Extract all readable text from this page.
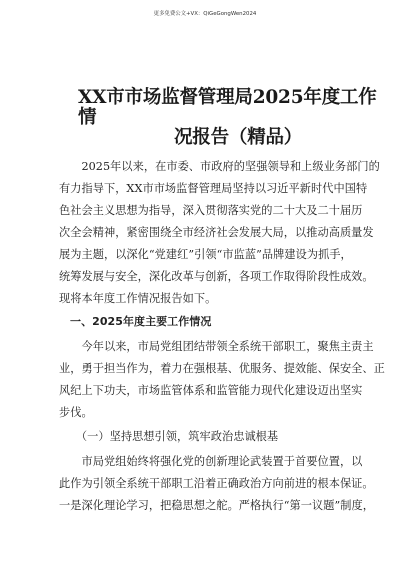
更多免费公文+VX：QiGeGongWen2024
XX市市场监督管理局2025年度工作情
况报告（精品）
　　2025年以来，在市委、市政府的坚强领导和上级业务部门的
有力指导下，XX市市场监督管理局坚持以习近平新时代中国特
色社会主义思想为指导，深入贯彻落实党的二十大及二十届历
次全会精神，紧密围绕全市经济社会发展大局，以推动高质量发
展为主题，以深化“党建红”引领“市监蓝”品牌建设为抓手，
统筹发展与安全，深化改革与创新，各项工作取得阶段性成效。
现将本年度工作情况报告如下。
　一、2025年度主要工作情况
　　今年以来，市局党组团结带领全系统干部职工，聚焦主责主
业，勇于担当作为，着力在强根基、优服务、提效能、保安全、正
风纪上下功夫，市场监管体系和监管能力现代化建设迈出坚实
步伐。
　　（一）坚持思想引领，筑牢政治忠诚根基
　　市局党组始终将强化党的创新理论武装置于首要位置，以
此作为引领全系统干部职工沿着正确政治方向前进的根本保证。
一是深化理论学习，把稳思想之舵。严格执行“第一议题”制度，
